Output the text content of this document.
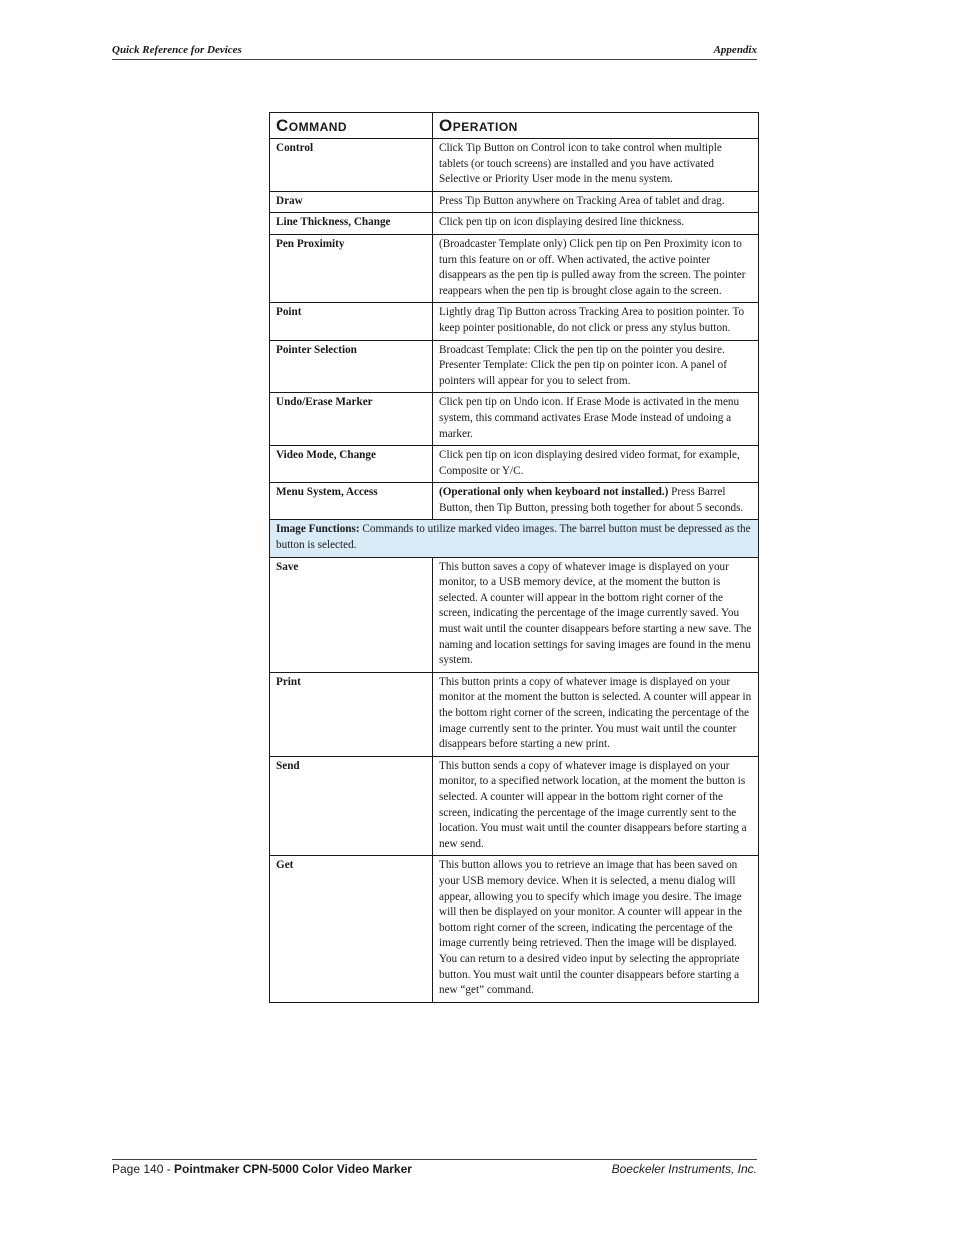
Quick Reference for Devices	Appendix
Command	Operation
Control	Click Tip Button on Control icon to take control when multiple tablets (or touch screens) are installed and you have activated Selective or Priority User mode in the menu system.
Draw	Press Tip Button anywhere on Tracking Area of tablet and drag.
Line Thickness, Change	Click pen tip on icon displaying desired line thickness.
Pen Proximity	(Broadcaster Template only) Click pen tip on Pen Proximity icon to turn this feature on or off. When activated, the active pointer disappears as the pen tip is pulled away from the screen. The pointer reappears when the pen tip is brought close again to the screen.
Point	Lightly drag Tip Button across Tracking Area to position pointer. To keep pointer positionable, do not click or press any stylus button.
Pointer Selection	Broadcast Template: Click the pen tip on the pointer you desire. Presenter Template: Click the pen tip on pointer icon. A panel of pointers will appear for you to select from.
Undo/Erase Marker	Click pen tip on Undo icon. If Erase Mode is activated in the menu system, this command activates Erase Mode instead of undoing a marker.
Video Mode, Change	Click pen tip on icon displaying desired video format, for example, Composite or Y/C.
Menu System, Access	(Operational only when keyboard not installed.) Press Barrel Button, then Tip Button, pressing both together for about 5 seconds.
Image Functions: Commands to utilize marked video images. The barrel button must be depressed as the button is selected.	
Save	This button saves a copy of whatever image is displayed on your monitor, to a USB memory device, at the moment the button is selected. A counter will appear in the bottom right corner of the screen, indicating the percentage of the image currently saved. You must wait until the counter disappears before starting a new save. The naming and location settings for saving images are found in the menu system.
Print	This button prints a copy of whatever image is displayed on your monitor at the moment the button is selected. A counter will appear in the bottom right corner of the screen, indicating the percentage of the image currently sent to the printer. You must wait until the counter disappears before starting a new print.
Send	This button sends a copy of whatever image is displayed on your monitor, to a specified network location, at the moment the button is selected. A counter will appear in the bottom right corner of the screen, indicating the percentage of the image currently sent to the location. You must wait until the counter disappears before starting a new send.
Get	This button allows you to retrieve an image that has been saved on your USB memory device. When it is selected, a menu dialog will appear, allowing you to specify which image you desire. The image will then be displayed on your monitor. A counter will appear in the bottom right corner of the screen, indicating the percentage of the image currently being retrieved. Then the image will be displayed. You can return to a desired video input by selecting the appropriate button. You must wait until the counter disappears before starting a new “get” command.
Page 140 - Pointmaker CPN-5000 Color Video Marker	Boeckeler Instruments, Inc.
